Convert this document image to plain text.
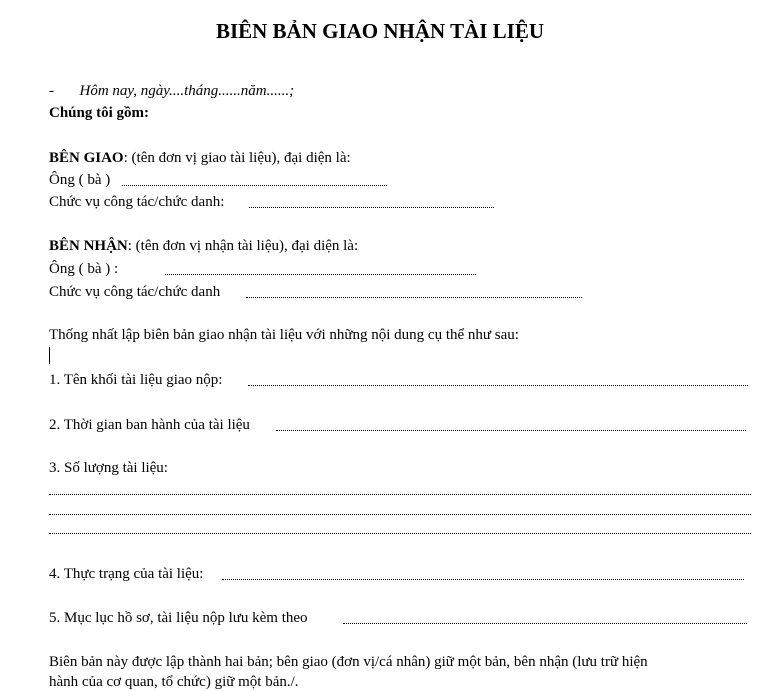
BIÊN BẢN GIAO NHẬN TÀI LIỆU
- Hôm nay, ngày....tháng......năm......;
Chúng tôi gồm:
BÊN GIAO: (tên đơn vị giao tài liệu), đại diện là:
Ông ( bà )
Chức vụ công tác/chức danh:
BÊN NHẬN: (tên đơn vị nhận tài liệu), đại diện là:
Ông ( bà ) :
Chức vụ công tác/chức danh
Thống nhất lập biên bản giao nhận tài liệu với những nội dung cụ thể như sau:
1. Tên khối tài liệu giao nộp:
2. Thời gian ban hành của tài liệu
3. Số lượng tài liệu:
4. Thực trạng của tài liệu:
5. Mục lục hồ sơ, tài liệu nộp lưu kèm theo
Biên bản này được lập thành hai bản; bên giao (đơn vị/cá nhân) giữ một bản, bên nhận (lưu trữ hiện
hành của cơ quan, tổ chức) giữ một bản./.
